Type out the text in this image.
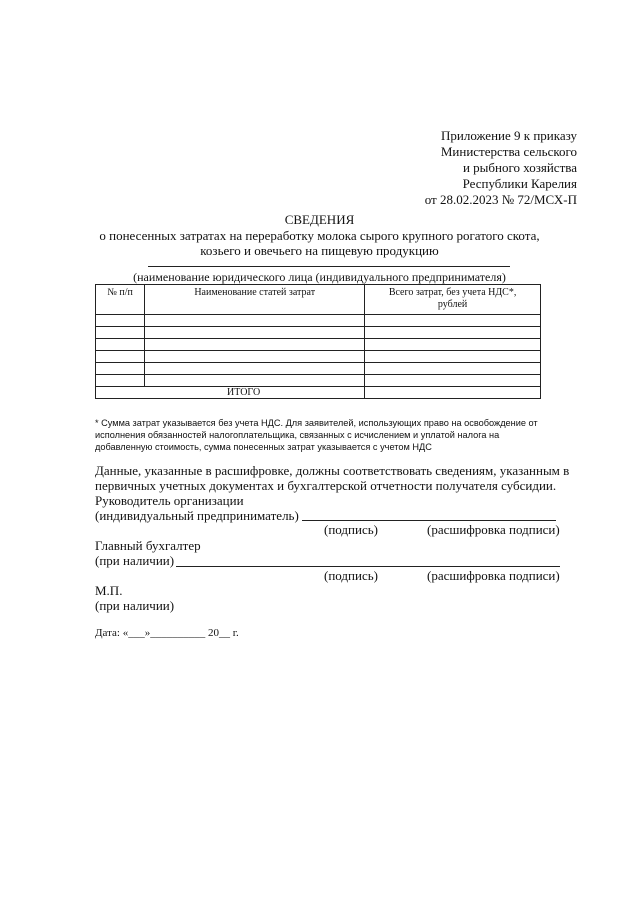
Приложение 9 к приказу
Министерства сельского
и рыбного хозяйства
Республики Карелия
от 28.02.2023 № 72/МСХ-П
СВЕДЕНИЯ
о понесенных затратах на переработку молока сырого крупного рогатого скота,
козьего и овечьего на пищевую продукцию
(наименование юридического лица (индивидуального предпринимателя)
№ п/п	Наименование статей затрат	Всего затрат, без учета НДС*,
рублей

ИТОГО		
* Сумма затрат указывается без учета НДС. Для заявителей, использующих право на освобождение от исполнения обязанностей налогоплательщика, связанных с исчислением и уплатой налога на добавленную стоимость, сумма понесенных затрат указывается с учетом НДС
Данные, указанные в расшифровке, должны соответствовать сведениям, указанным в
первичных учетных документах и бухгалтерской отчетности получателя субсидии.
Руководитель организации
(индивидуальный предприниматель)
(подпись)	(расшифровка подписи)
Главный бухгалтер
(при наличии)
(подпись)	(расшифровка подписи)
М.П.
(при наличии)
Дата: «___»__________ 20__ г.
